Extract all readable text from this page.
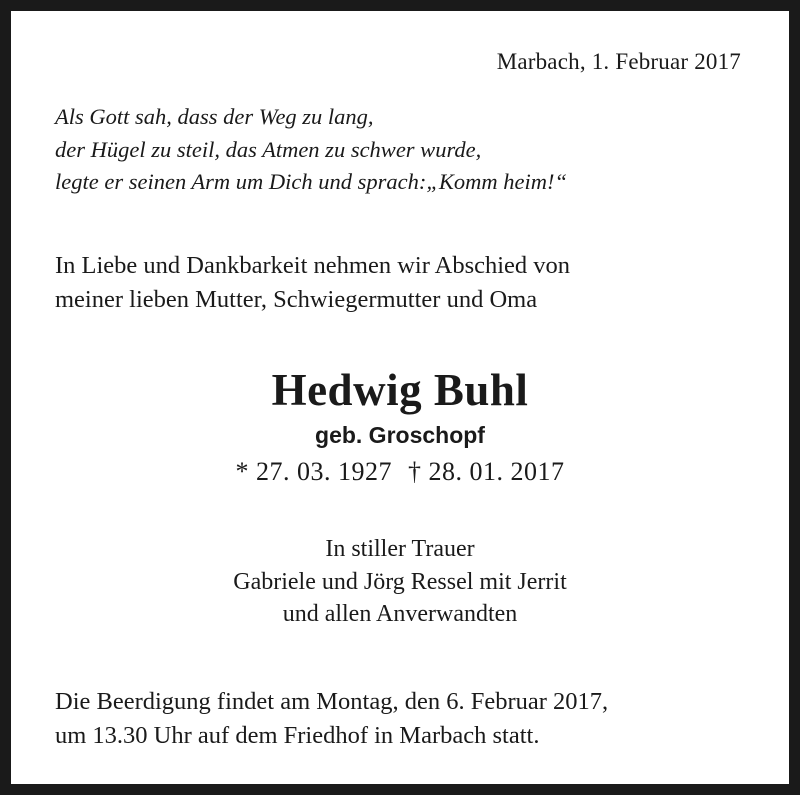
Marbach, 1. Februar 2017
Als Gott sah, dass der Weg zu lang,
der Hügel zu steil, das Atmen zu schwer wurde,
legte er seinen Arm um Dich und sprach:„Komm heim!“
In Liebe und Dankbarkeit nehmen wir Abschied von
meiner lieben Mutter, Schwiegermutter und Oma
Hedwig Buhl
geb. Groschopf
* 27. 03. 1927 † 28. 01. 2017
In stiller Trauer
Gabriele und Jörg Ressel mit Jerrit
und allen Anverwandten
Die Beerdigung findet am Montag, den 6. Februar 2017,
um 13.30 Uhr auf dem Friedhof in Marbach statt.
